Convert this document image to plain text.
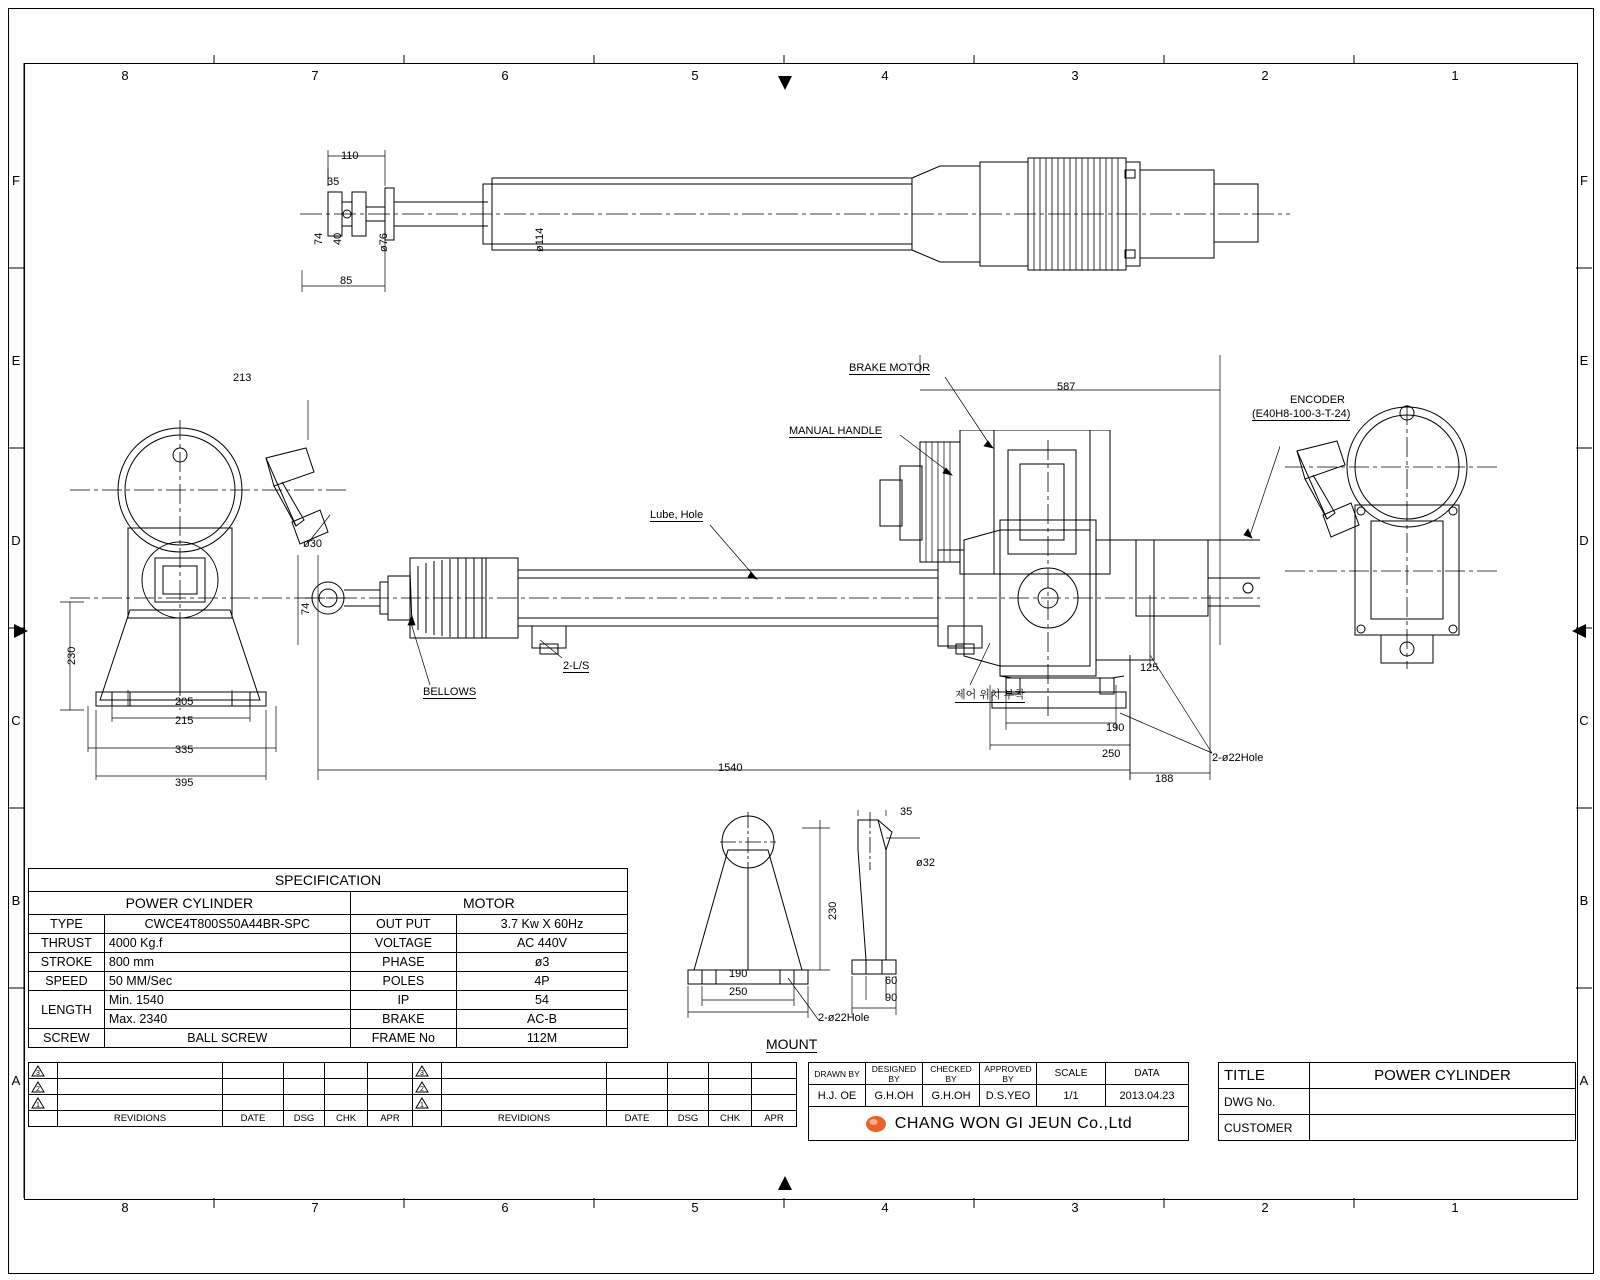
8	7	6	5	4	3	2	1
8	7	6	5	4	3	2	1
F
E
D
C
B
A
F
E
D
C
B
A
110
35
74 40	ø76	ø114
85
213
230
205
215
335
395
BRAKE MOTOR
MANUAL HANDLE
ENCODER
(E40H8-100-3-T-24)
Lube, Hole
BELLOWS
2-L/S
제어 위치 부착
2-ø22Hole
ø30
74
587
1540
125
190
250
188
35
ø32
230
190
250
60
90
2-ø22Hole
MOUNT
SPECIFICATION			
POWER CYLINDER		MOTOR	
TYPE	CWCE4T800S50A44BR-SPC	OUT PUT	3.7 Kw X 60Hz
THRUST	4000 Kg.f	VOLTAGE	AC 440V
STROKE	800 mm	PHASE	ø3
SPEED	50 MM/Sec	POLES	4P
LENGTH	Min. 1540	IP	54
	Max. 2340	BRAKE	AC-B
SCREW	BALL SCREW	FRAME No	112M
3						3					

2						2					

1						1					

	REVIDIONS	DATE	DSG	CHK	APR		REVIDIONS	DATE	DSG	CHK	APR
DRAWN BY	DESIGNED BY	CHECKED BY	APPROVED BY	SCALE	DATA
H.J. OE	G.H.OH	G.H.OH	D.S.YEO	1/1	2013.04.23

CHANG WON GI JEUN Co.,Ltd					
TITLE	POWER CYLINDER
DWG No.	
CUSTOMER	
